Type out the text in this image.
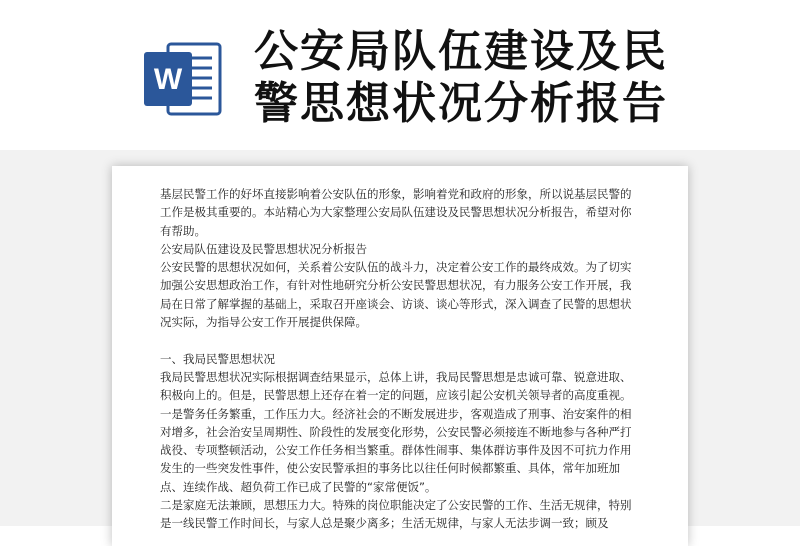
W
公安局队伍建设及民
警思想状况分析报告

基层民警工作的好坏直接影响着公安队伍的形象，影响着党和政府的形象，所以说基层民警的工作是极其重要的。本站精心为大家整理公安局队伍建设及民警思想状况分析报告，希望对你有帮助。

公安局队伍建设及民警思想状况分析报告

公安民警的思想状况如何，关系着公安队伍的战斗力，决定着公安工作的最终成效。为了切实加强公安思想政治工作，有针对性地研究分析公安民警思想状况，有力服务公安工作开展，我局在日常了解掌握的基础上，采取召开座谈会、访谈、谈心等形式，深入调查了民警的思想状况实际，为指导公安工作开展提供保障。

一、我局民警思想状况

我局民警思想状况实际根据调查结果显示，总体上讲，我局民警思想是忠诚可靠、锐意进取、积极向上的。但是，民警思想上还存在着一定的问题，应该引起公安机关领导者的高度重视。

一是警务任务繁重，工作压力大。经济社会的不断发展进步，客观造成了刑事、治安案件的相对增多，社会治安呈周期性、阶段性的发展变化形势，公安民警必须接连不断地参与各种严打战役、专项整顿活动，公安工作任务相当繁重。群体性闹事、集体群访事件及因不可抗力作用发生的一些突发性事件，使公安民警承担的事务比以往任何时候都繁重、具体，常年加班加点、连续作战、超负荷工作已成了民警的“家常便饭”。

二是家庭无法兼顾，思想压力大。特殊的岗位职能决定了公安民警的工作、生活无规律，特别是一线民警工作时间长，与家人总是聚少离多；生活无规律，与家人无法步调一致；顾及
